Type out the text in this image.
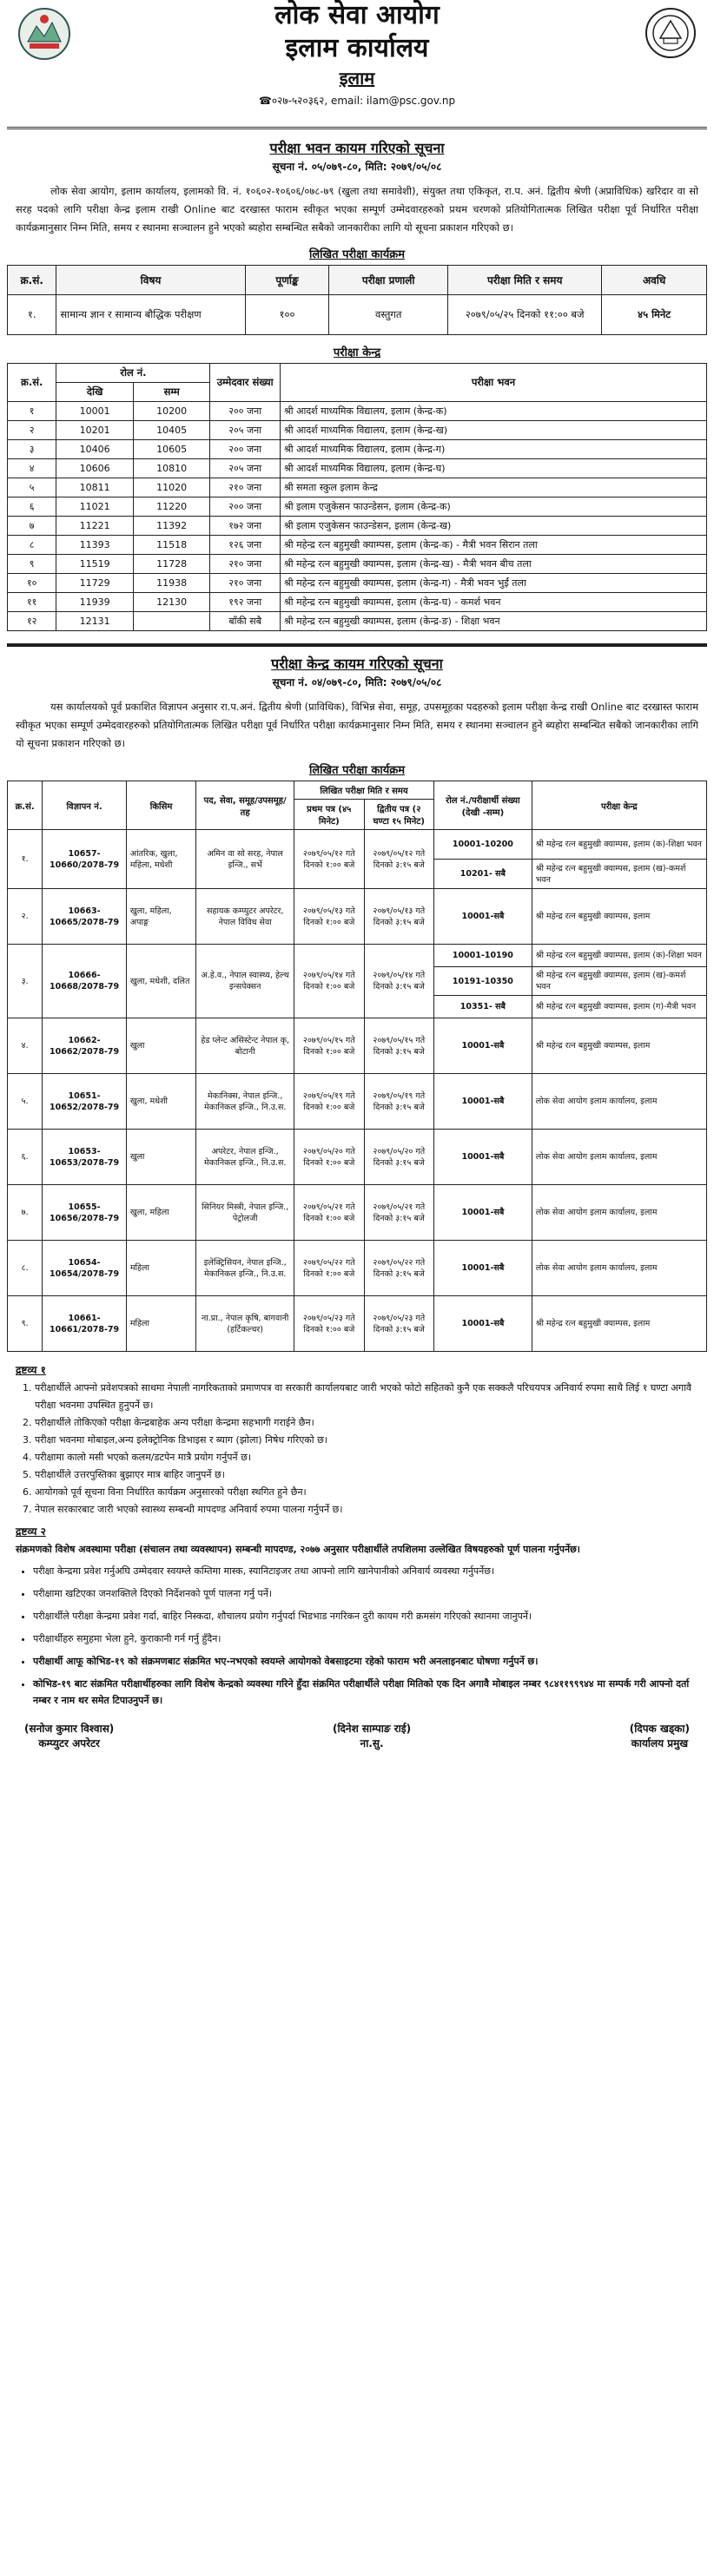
लोक सेवा आयोग
इलाम कार्यालय
इलाम
☎०२७-५२०३६२, email: ilam@psc.gov.np
परीक्षा भवन कायम गरिएको सूचना
सूचना नं. ०५/०७९-८०, मिति: २०७९/०५/०८

लोक सेवा आयोग, इलाम कार्यालय, इलामको वि. नं. १०६०२-१०६०६/०७८-७९ (खुला तथा समावेशी), संयुक्त तथा एकिकृत, रा.प. अनं. द्वितीय श्रेणी (अप्राविधिक) खरिदार वा सो सरह पदको लागि परीक्षा केन्द्र इलाम राखी Online बाट दरखास्त फाराम स्वीकृत भएका सम्पूर्ण उम्मेदवारहरुको प्रथम चरणको प्रतियोगितात्मक लिखित परीक्षा पूर्व निर्धारित परीक्षा कार्यक्रमानुसार निम्न मिति, समय र स्थानमा सञ्चालन हुने भएको ब्यहोरा सम्बन्धित सबैको जानकारीका लागि यो सूचना प्रकाशन गरिएको छ।

लिखित परीक्षा कार्यक्रम
क्र.सं.	विषय	पूर्णाङ्क	परीक्षा प्रणाली	परीक्षा मिति र समय	अवधि
१.	सामान्य ज्ञान र सामान्य बौद्धिक परीक्षण	१००	वस्तुगत	२०७९/०५/२५ दिनको ११:०० बजे	४५ मिनेट
परीक्षा केन्द्र
क्र.सं.	रोल नं.		उम्मेदवार संख्या	परीक्षा भवन
	देखि	सम्म		
१	10001	10200	२०० जना	श्री आदर्श माध्यमिक विद्यालय, इलाम (केन्द्र-क)
२	10201	10405	२०५ जना	श्री आदर्श माध्यमिक विद्यालय, इलाम (केन्द्र-ख)
३	10406	10605	२०० जना	श्री आदर्श माध्यमिक विद्यालय, इलाम (केन्द्र-ग)
४	10606	10810	२०५ जना	श्री आदर्श माध्यमिक विद्यालय, इलाम (केन्द्र-घ)
५	10811	11020	२१० जना	श्री समता स्कुल इलाम केन्द्र
६	11021	11220	२०० जना	श्री इलाम एजुकेसन फाउन्डेसन, इलाम (केन्द्र-क)
७	11221	11392	१७२ जना	श्री इलाम एजुकेसन फाउन्डेसन, इलाम (केन्द्र-ख)
८	11393	11518	१२६ जना	श्री महेन्द्र रत्न बहुमुखी क्याम्पस, इलाम (केन्द्र-क) - मैत्री भवन सिरान तला
९	11519	11728	२१० जना	श्री महेन्द्र रत्न बहुमुखी क्याम्पस, इलाम (केन्द्र-ख) - मैत्री भवन बीच तला
१०	11729	11938	२१० जना	श्री महेन्द्र रत्न बहुमुखी क्याम्पस, इलाम (केन्द्र-ग) - मैत्री भवन भुईं तला
११	11939	12130	१९२ जना	श्री महेन्द्र रत्न बहुमुखी क्याम्पस, इलाम (केन्द्र-घ) - कमर्श भवन
१२	12131		बाँकी सबै	श्री महेन्द्र रत्न बहुमुखी क्याम्पस, इलाम (केन्द्र-ङ) - शिक्षा भवन
परीक्षा केन्द्र कायम गरिएको सूचना
सूचना नं. ०४/०७९-८०, मिति: २०७९/०५/०८

यस कार्यालयको पूर्व प्रकाशित विज्ञापन अनुसार रा.प.अनं. द्वितीय श्रेणी (प्राविधिक), विभिन्न सेवा, समूह, उपसमूहका पदहरुको इलाम परीक्षा केन्द्र राखी Online बाट दरखास्त फाराम स्वीकृत भएका सम्पूर्ण उम्मेदवारहरुको प्रतियोगितात्मक लिखित परीक्षा पूर्व निर्धारित परीक्षा कार्यक्रमानुसार निम्न मिति, समय र स्थानमा सञ्चालन हुने ब्यहोरा सम्बन्धित सबैको जानकारीका लागि यो सूचना प्रकाशन गरिएको छ।

लिखित परीक्षा कार्यक्रम
क्र.सं.	विज्ञापन नं.	किसिम	पद, सेवा, समूह/उपसमूह/तह	लिखित परीक्षा मिति र समय		रोल नं./परीक्षार्थी संख्या (देखी -सम्म)	परीक्षा केन्द्र
				प्रथम पत्र (४५ मिनेट)	द्वितीय पत्र (२ घण्टा १५ मिनेट)		
१.	10657-10660/2078-79	आंतरिक, खुला, महिला, मधेशी	अमिन वा सो सरह, नेपाल इन्जि., सर्भे	२०७९/०५/१२ गते दिनको १:०० बजे	२०७९/०५/१२ गते दिनको ३:१५ बजे	10001-10200	श्री महेन्द्र रत्न बहुमुखी क्याम्पस, इलाम (क)-शिक्षा भवन
						10201- सबै	श्री महेन्द्र रत्न बहुमुखी क्याम्पस, इलाम (ख)-कमर्श भवन
२.	10663-10665/2078-79	खुला, महिला, अपाङ्ग	सहायक कम्प्युटर अपरेटर, नेपाल विविध सेवा	२०७९/०५/१३ गते दिनको १:०० बजे	२०७९/०५/१३ गते दिनको ३:१५ बजे	10001-सबै	श्री महेन्द्र रत्न बहुमुखी क्याम्पस, इलाम
३.	10666-10668/2078-79	खुला, मधेशी, दलित	अ.हे.व., नेपाल स्वास्थ्य, हेल्थ इन्सपेक्सन	२०७९/०५/१४ गते दिनको १:०० बजे	२०७९/०५/१४ गते दिनको ३:१५ बजे	10001-10190	श्री महेन्द्र रत्न बहुमुखी क्याम्पस, इलाम (क)-शिक्षा भवन
						10191-10350	श्री महेन्द्र रत्न बहुमुखी क्याम्पस, इलाम (ख)-कमर्श भवन
						10351- सबै	श्री महेन्द्र रत्न बहुमुखी क्याम्पस, इलाम (ग)-मैत्री भवन
४.	10662-10662/2078-79	खुला	हेड प्लेन्ट असिस्टेन्ट नेपाल कृ, बोटानी	२०७९/०५/१५ गते दिनको १:०० बजे	२०७९/०५/१५ गते दिनको ३:१५ बजे	10001-सबै	श्री महेन्द्र रत्न बहुमुखी क्याम्पस, इलाम
५.	10651-10652/2078-79	खुला, मधेशी	मेकानिक्स, नेपाल इन्जि., मेकानिकल इन्जि., नि.उ.स.	२०७९/०५/१९ गते दिनको १:०० बजे	२०७९/०५/१९ गते दिनको ३:१५ बजे	10001-सबै	लोक सेवा आयोग इलाम कार्यालय, इलाम
६.	10653-10653/2078-79	खुला	अपरेटर, नेपाल इन्जि., मेकानिकल इन्जि., नि.उ.स.	२०७९/०५/२० गते दिनको १:०० बजे	२०७९/०५/२० गते दिनको ३:१५ बजे	10001-सबै	लोक सेवा आयोग इलाम कार्यालय, इलाम
७.	10655-10656/2078-79	खुला, महिला	सिनियर मिस्त्री, नेपाल इन्जि., पेट्रोलजी	२०७९/०५/२१ गते दिनको १:०० बजे	२०७९/०५/२१ गते दिनको ३:१५ बजे	10001-सबै	लोक सेवा आयोग इलाम कार्यालय, इलाम
८.	10654-10654/2078-79	महिला	इलेक्ट्रिसियन, नेपाल इन्जि., मेकानिकल इन्जि., नि.उ.स.	२०७९/०५/२२ गते दिनको १:०० बजे	२०७९/०५/२२ गते दिनको ३:१५ बजे	10001-सबै	लोक सेवा आयोग इलाम कार्यालय, इलाम
९.	10661-10661/2078-79	महिला	ना.प्रा., नेपाल कृषि, बागवानी (हर्टिकल्चर)	२०७९/०५/२३ गते दिनको १:०० बजे	२०७९/०५/२३ गते दिनको ३:१५ बजे	10001-सबै	श्री महेन्द्र रत्न बहुमुखी क्याम्पस, इलाम
द्रष्टव्य १
1. परीक्षार्थीले आफ्नो प्रवेशपत्रको साथमा नेपाली नागरिकताको प्रमाणपत्र वा सरकारी कार्यालयबाट जारी भएको फोटो सहितको कुनै एक सक्कलै परिचयपत्र अनिवार्य रुपमा साथै लिई १ घण्टा अगावै परीक्षा भवनमा उपस्थित हुनुपर्ने छ।
2. परीक्षार्थीले तोकिएको परीक्षा केन्द्रबाहेक अन्य परीक्षा केन्द्रमा सहभागी गराईने छैन।
3. परीक्षा भवनमा मोबाइल,अन्य इलेक्ट्रोनिक डिभाइस र ब्याग (झोला) निषेध गरिएको छ।
4. परीक्षामा कालो मसी भएको कलम/डटपेन मात्रै प्रयोग गर्नुपर्ने छ।
5. परीक्षार्थीले उत्तरपुस्तिका बुझाएर मात्र बाहिर जानुपर्ने छ।
6. आयोगको पूर्व सूचना विना निर्धारित कार्यक्रम अनुसारको परीक्षा स्थगित हुने छैन।
7. नेपाल सरकारबाट जारी भएको स्वास्थ्य सम्बन्धी मापदण्ड अनिवार्य रुपमा पालना गर्नुपर्ने छ।
द्रष्टव्य २
संक्रमणको विशेष अवस्थामा परीक्षा (संचालन तथा व्यवस्थापन) सम्बन्धी मापदण्ड, २०७७ अनुसार परीक्षार्थीले तपशिलमा उल्लेखित विषयहरुको पूर्ण पालना गर्नुपर्नेछ।
• परीक्षा केन्द्रमा प्रवेश गर्नुअघि उम्मेदवार स्वयम्ले कम्तिमा मास्क, स्यानिटाइजर तथा आफ्नो लागि खानेपानीको अनिवार्य व्यवस्था गर्नुपर्नेछ।
• परीक्षामा खटिएका जनशक्तिले दिएको निर्देशनको पूर्ण पालना गर्नु पर्ने।
• परीक्षार्थीले परीक्षा केन्द्रमा प्रवेश गर्दा, बाहिर निस्कदा, शौचालय प्रयोग गर्नुपर्दा भिडभाड नगरिकन दुरी कायम गरी क्रमसंग गरिएको स्थानमा जानुपर्ने।
• परीक्षार्थीहरु समुहमा भेला हुने, कुराकानी गर्न गर्नु हुँदैन।
• परीक्षार्थी आफू कोभिड-१९ को संक्रमणबाट संक्रमित भए-नभएको स्वयम्ले आयोगको वेबसाइटमा रहेको फाराम भरी अनलाइनबाट घोषणा गर्नुपर्ने छ।
• कोभिड-१९ बाट संक्रमित परीक्षार्थीहरुका लागि विशेष केन्द्रको व्यवस्था गरिने हुँदा संक्रमित परीक्षार्थीले परीक्षा मितिको एक दिन अगावै मोबाइल नम्बर ९८४११९९९४४ मा सम्पर्क गरी आफ्नो दर्ता नम्बर र नाम थर समेत टिपाउनुपर्ने छ।
(सनोज कुमार विश्वास)
कम्प्युटर अपरेटर
(दिनेश साम्पाङ राई)
ना.सु.
(दिपक खड्का)
कार्यालय प्रमुख
